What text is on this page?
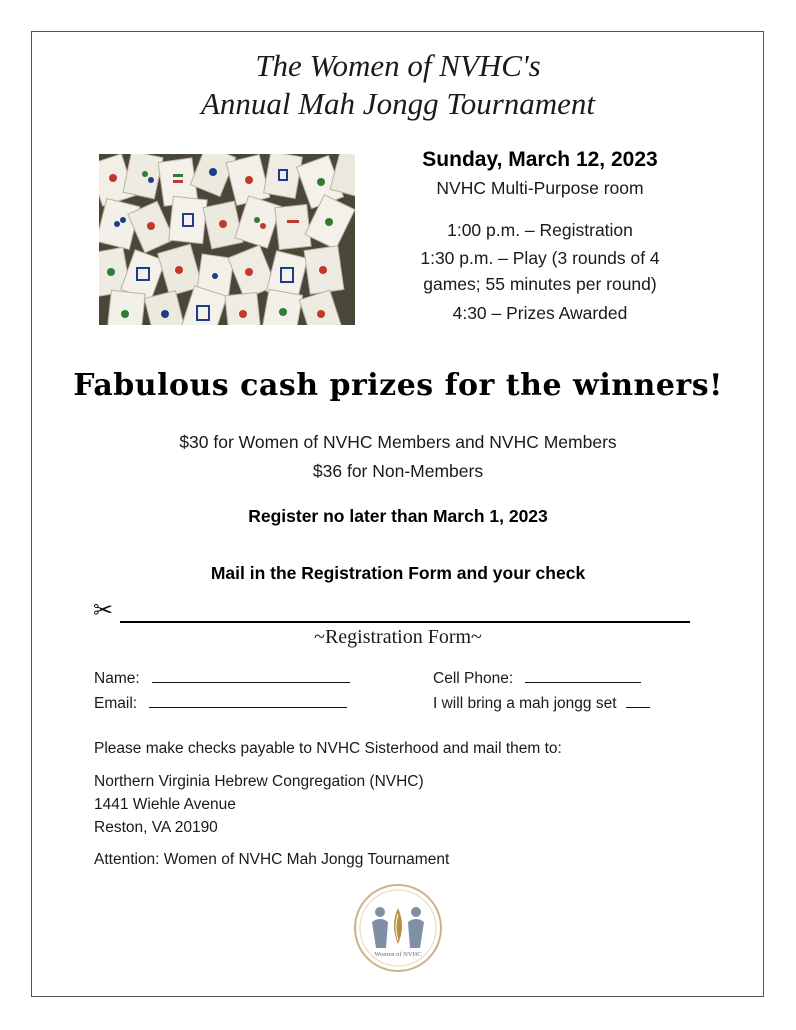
The Women of NVHC's
Annual Mah Jongg Tournament
Sunday, March 12, 2023
NVHC Multi-Purpose room
1:00 p.m. – Registration
1:30 p.m. – Play (3 rounds of 4
games; 55 minutes per round)
4:30 – Prizes Awarded
Fabulous cash prizes for the winners!
$30 for Women of NVHC Members and NVHC Members
$36 for Non-Members
Register no later than March 1, 2023
Mail in the Registration Form and your check
✂
~Registration Form~
Name:
Email:
Cell Phone:
I will bring a mah jongg set
Please make checks payable to NVHC Sisterhood and mail them to:
Northern Virginia Hebrew Congregation (NVHC)
1441 Wiehle Avenue
Reston, VA 20190
Attention: Women of NVHC Mah Jongg Tournament
Women of NVHC
